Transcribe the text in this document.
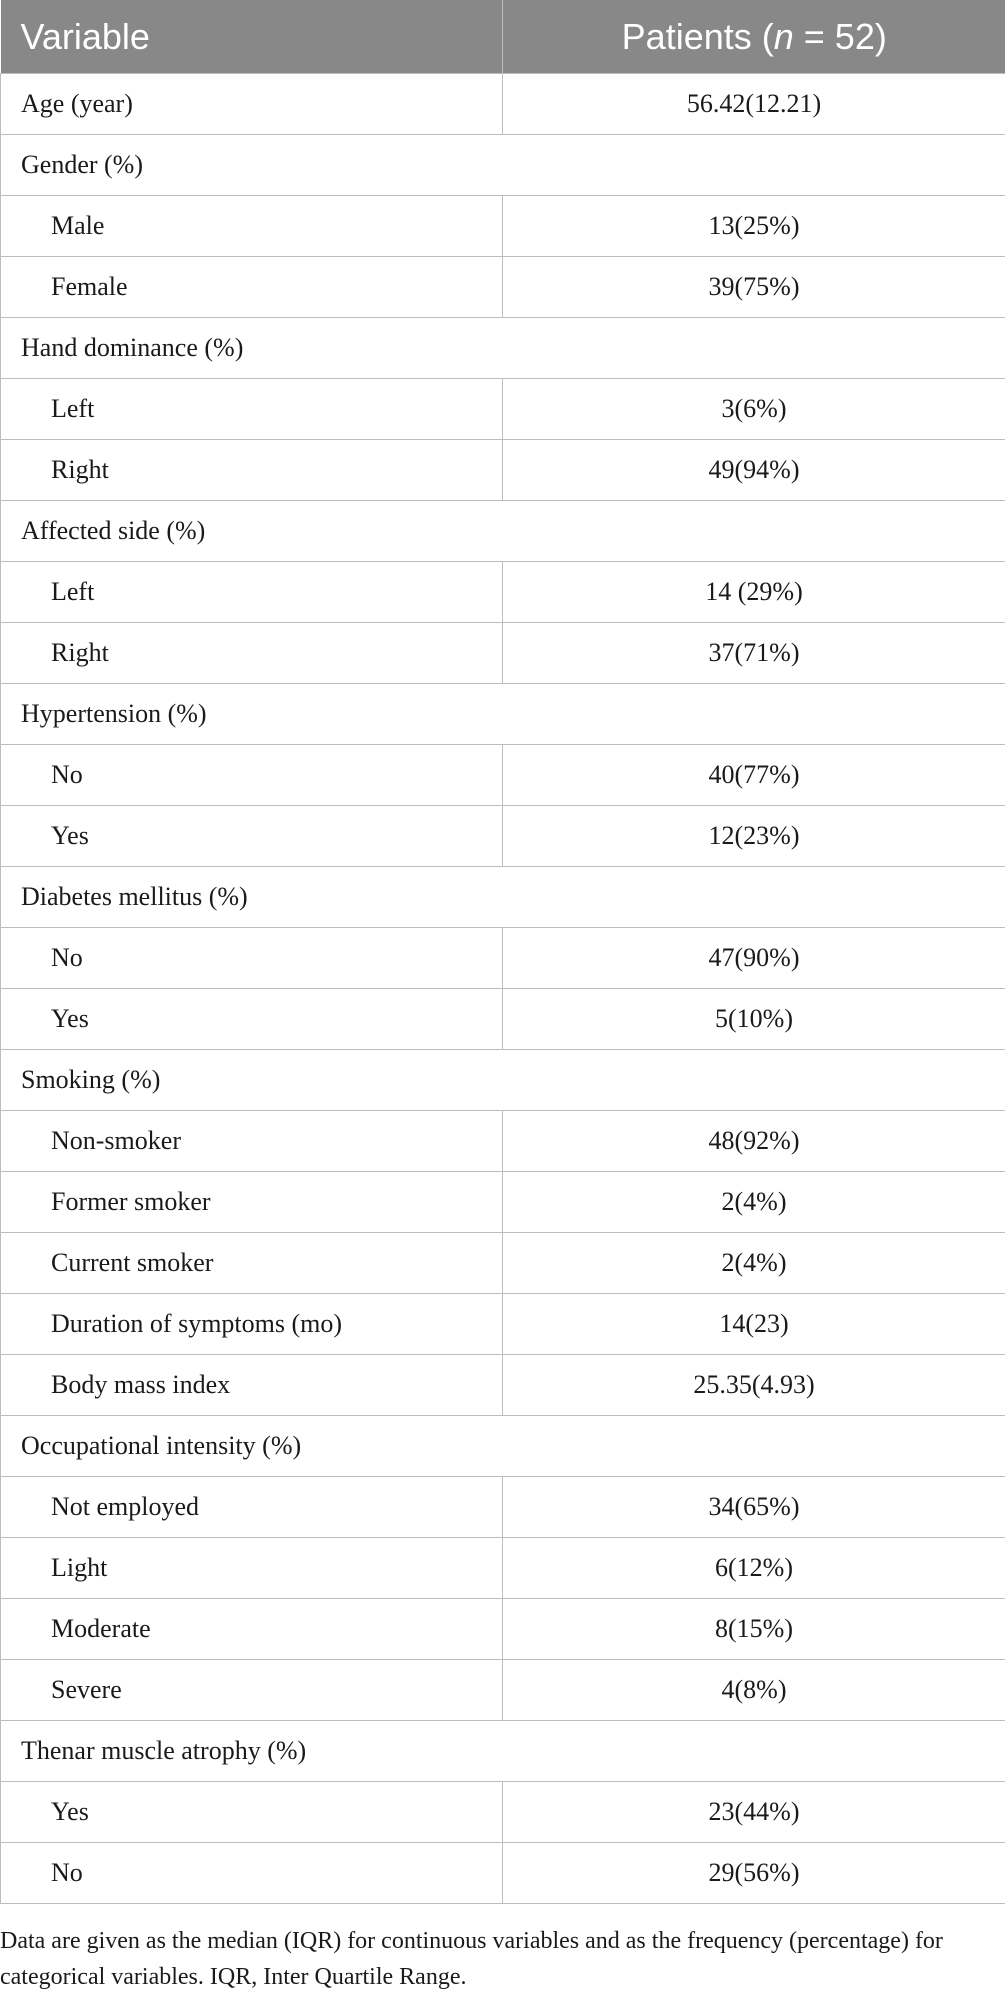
Variable	Patients (n = 52)
Age (year)	56.42(12.21)
Gender (%)	
Male	13(25%)
Female	39(75%)
Hand dominance (%)	
Left	3(6%)
Right	49(94%)
Affected side (%)	
Left	14 (29%)
Right	37(71%)
Hypertension (%)	
No	40(77%)
Yes	12(23%)
Diabetes mellitus (%)	
No	47(90%)
Yes	5(10%)
Smoking (%)	
Non-smoker	48(92%)
Former smoker	2(4%)
Current smoker	2(4%)
Duration of symptoms (mo)	14(23)
Body mass index	25.35(4.93)
Occupational intensity (%)	
Not employed	34(65%)
Light	6(12%)
Moderate	8(15%)
Severe	4(8%)
Thenar muscle atrophy (%)	
Yes	23(44%)
No	29(56%)
Data are given as the median (IQR) for continuous variables and as the frequency (percentage) for categorical variables. IQR, Inter Quartile Range.
